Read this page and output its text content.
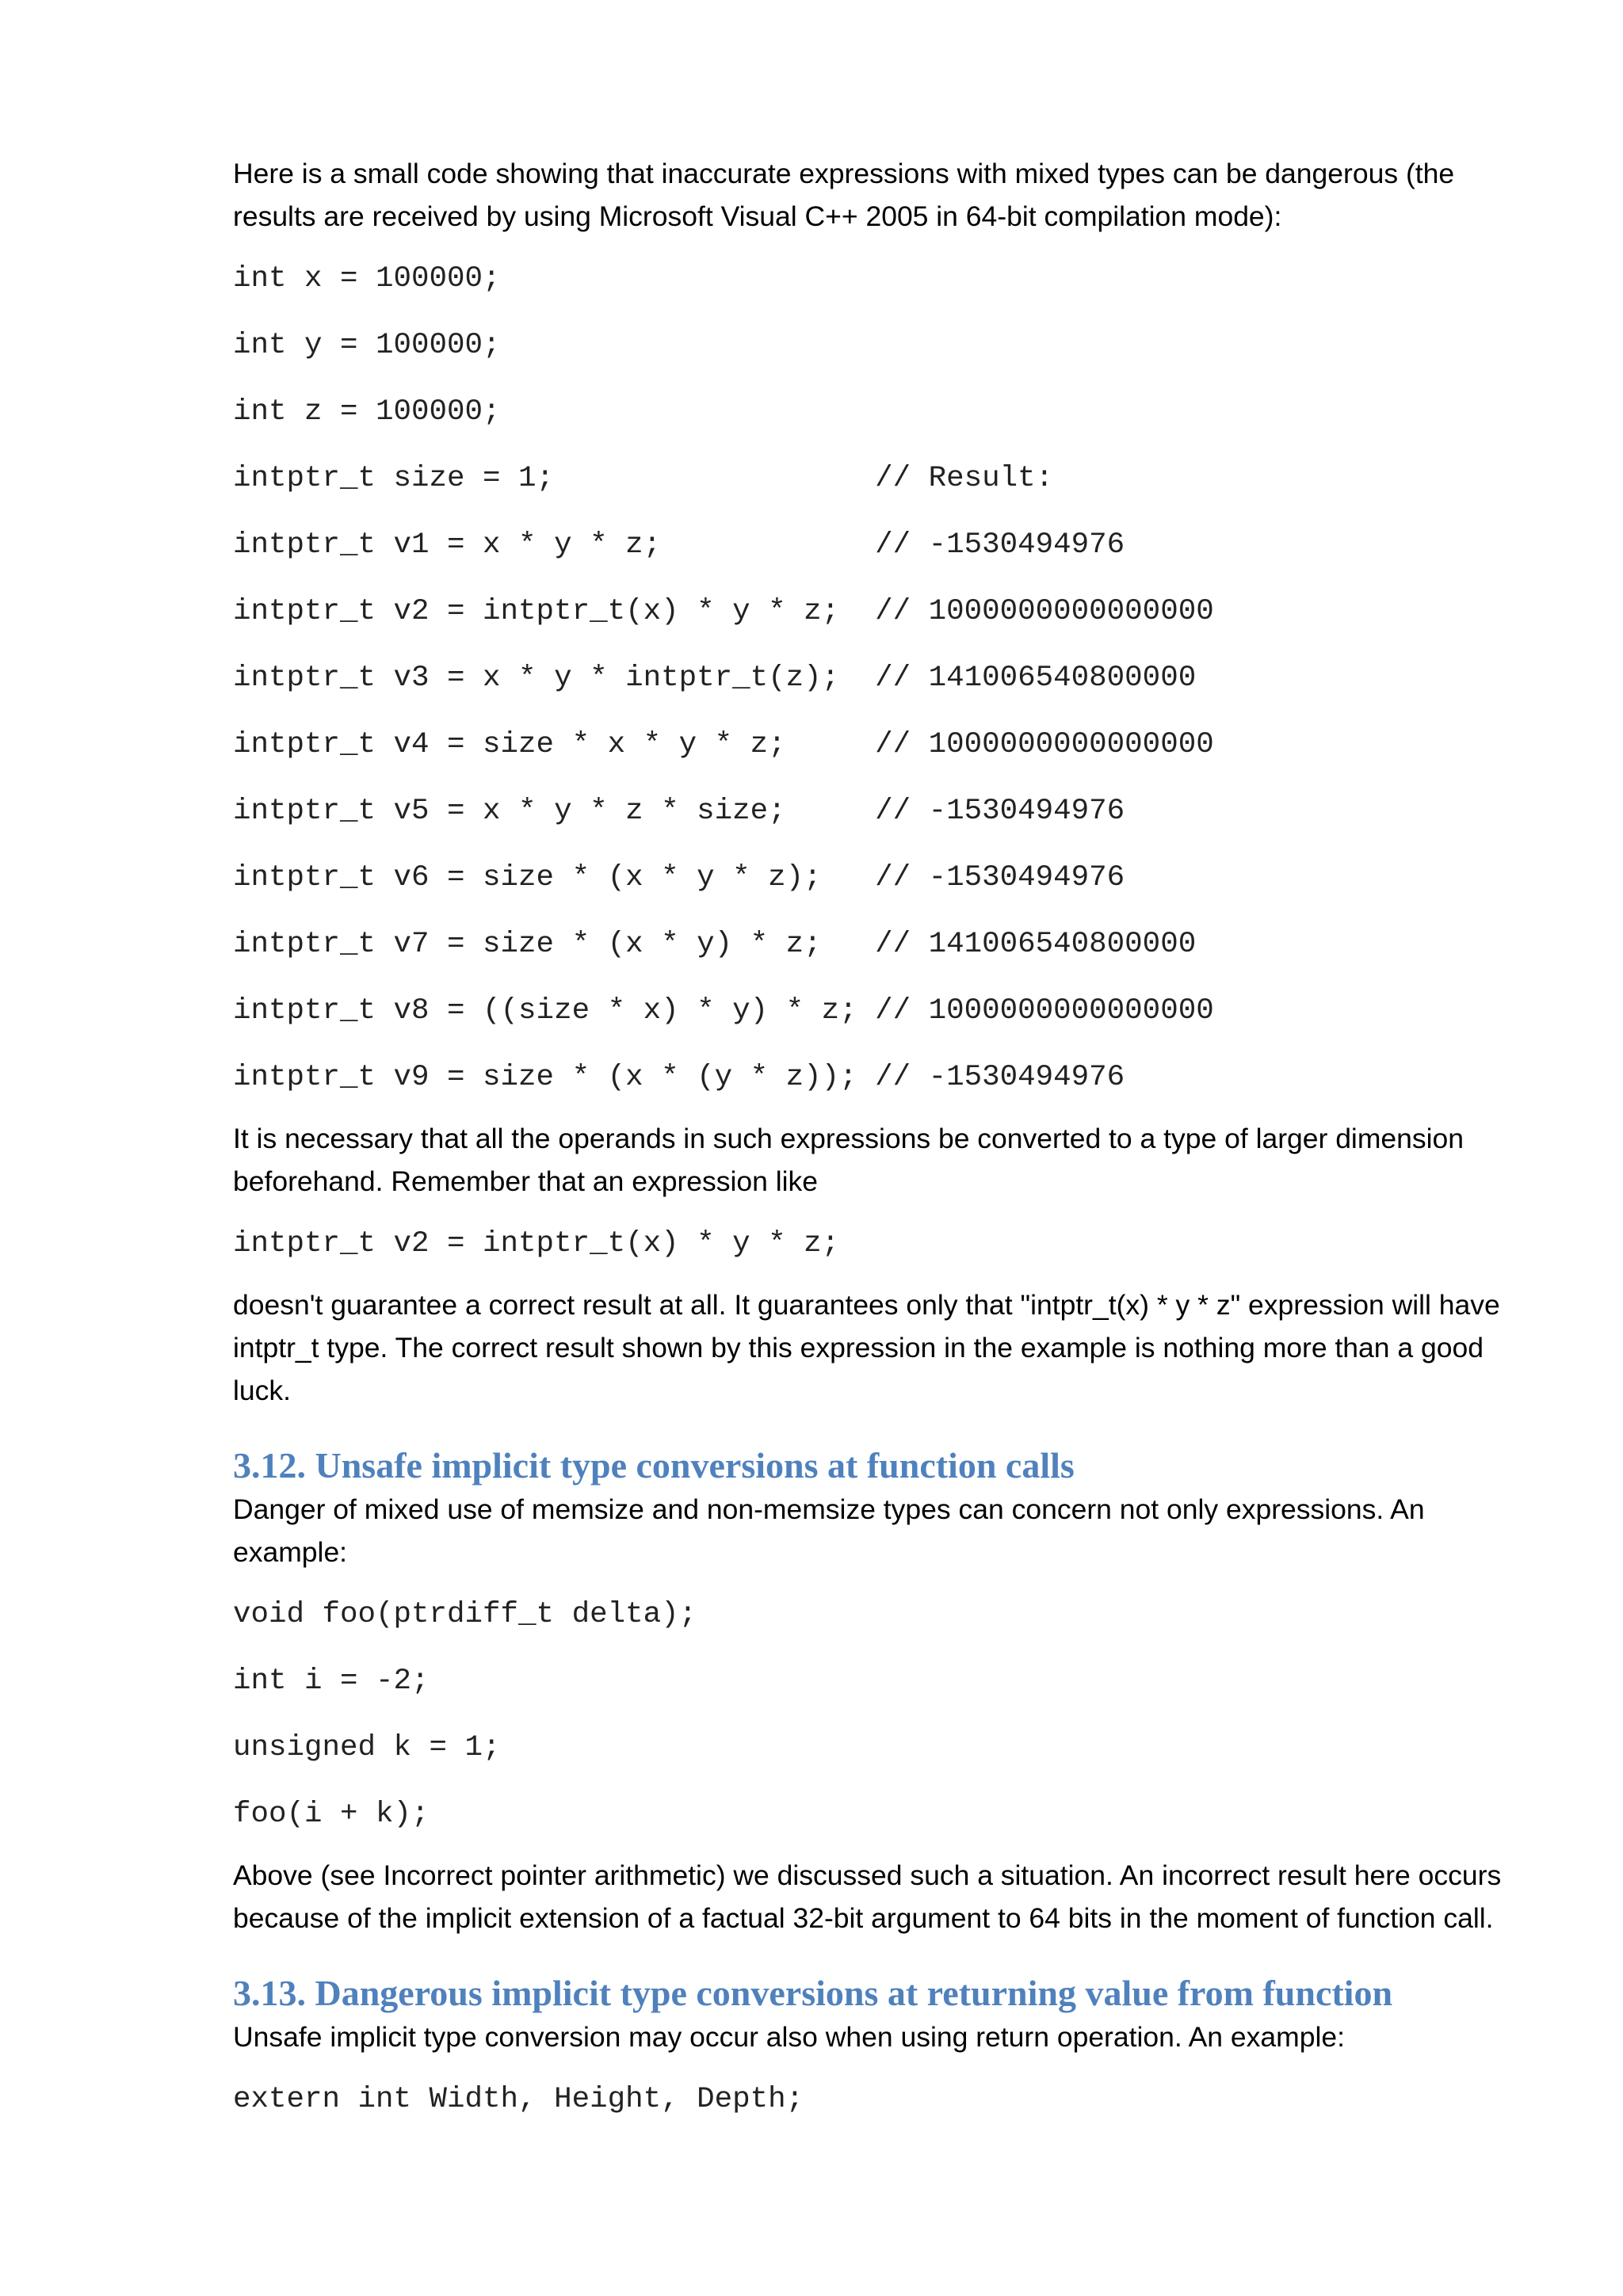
Here is a small code showing that inaccurate expressions with mixed types can be dangerous (the results are received by using Microsoft Visual C++ 2005 in 64-bit compilation mode):

int x = 100000;
int y = 100000;
int z = 100000;
intptr_t size = 1;                  // Result:
intptr_t v1 = x * y * z;            // -1530494976
intptr_t v2 = intptr_t(x) * y * z;  // 1000000000000000
intptr_t v3 = x * y * intptr_t(z);  // 141006540800000
intptr_t v4 = size * x * y * z;     // 1000000000000000
intptr_t v5 = x * y * z * size;     // -1530494976
intptr_t v6 = size * (x * y * z);   // -1530494976
intptr_t v7 = size * (x * y) * z;   // 141006540800000
intptr_t v8 = ((size * x) * y) * z; // 1000000000000000
intptr_t v9 = size * (x * (y * z)); // -1530494976

It is necessary that all the operands in such expressions be converted to a type of larger dimension beforehand. Remember that an expression like

intptr_t v2 = intptr_t(x) * y * z;

doesn't guarantee a correct result at all. It guarantees only that "intptr_t(x) * y * z" expression will have intptr_t type. The correct result shown by this expression in the example is nothing more than a good luck.

3.12. Unsafe implicit type conversions at function calls

Danger of mixed use of memsize and non-memsize types can concern not only expressions. An example:

void foo(ptrdiff_t delta);
int i = -2;
unsigned k = 1;
foo(i + k);

Above (see Incorrect pointer arithmetic) we discussed such a situation. An incorrect result here occurs because of the implicit extension of a factual 32-bit argument to 64 bits in the moment of function call.

3.13. Dangerous implicit type conversions at returning value from function

Unsafe implicit type conversion may occur also when using return operation. An example:

extern int Width, Height, Depth;
